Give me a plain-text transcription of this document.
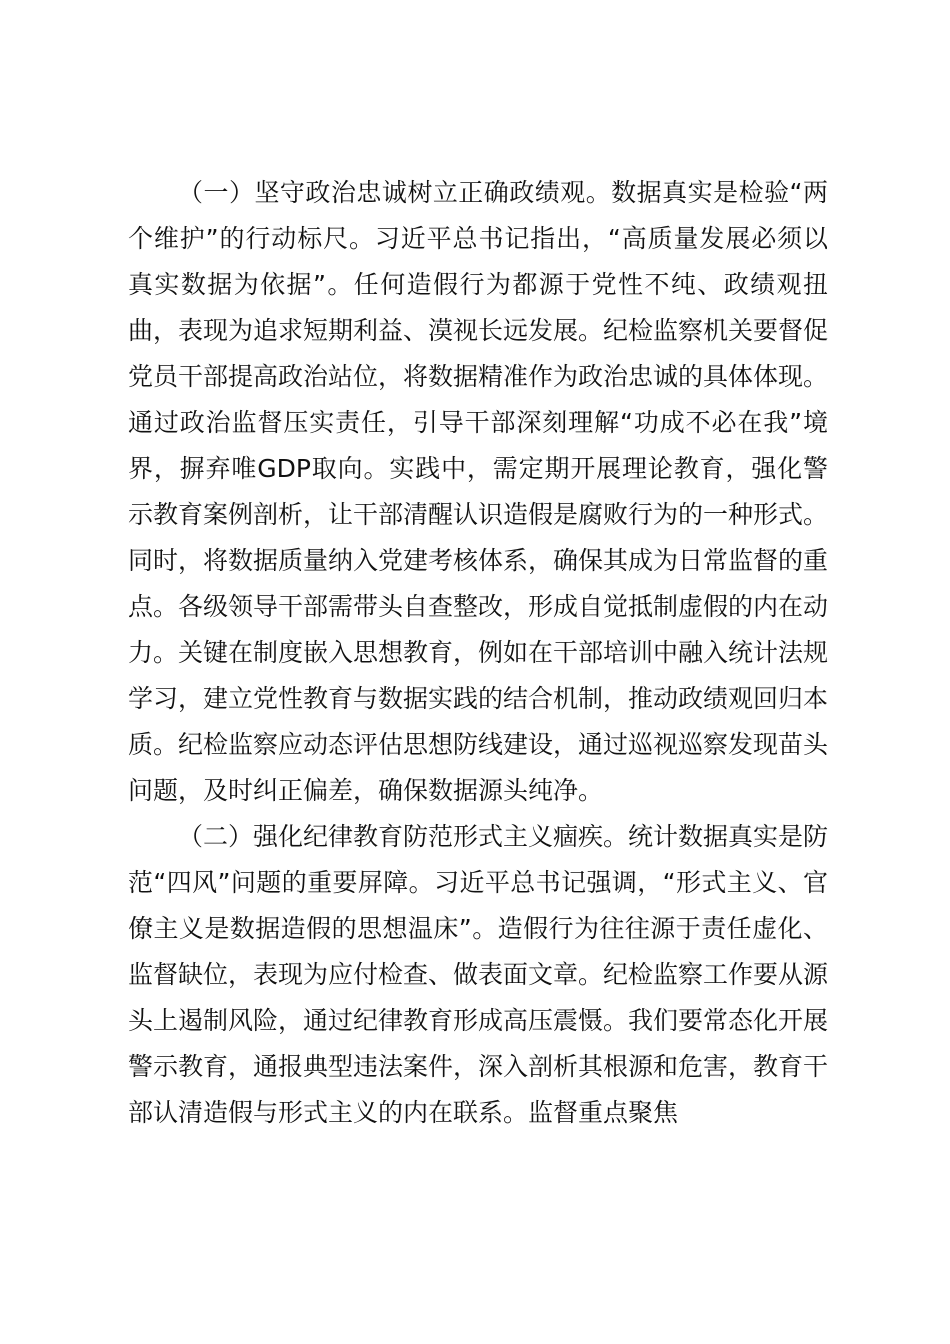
（一）坚守政治忠诚树立正确政绩观。数据真实是检验“两个维护”的行动标尺。习近平总书记指出，“高质量发展必须以真实数据为依据”。任何造假行为都源于党性不纯、政绩观扭曲，表现为追求短期利益、漠视长远发展。纪检监察机关要督促党员干部提高政治站位，将数据精准作为政治忠诚的具体体现。通过政治监督压实责任，引导干部深刻理解“功成不必在我”境界，摒弃唯GDP取向。实践中，需定期开展理论教育，强化警示教育案例剖析，让干部清醒认识造假是腐败行为的一种形式。同时，将数据质量纳入党建考核体系，确保其成为日常监督的重点。各级领导干部需带头自查整改，形成自觉抵制虚假的内在动力。关键在制度嵌入思想教育，例如在干部培训中融入统计法规学习，建立党性教育与数据实践的结合机制，推动政绩观回归本质。纪检监察应动态评估思想防线建设，通过巡视巡察发现苗头问题，及时纠正偏差，确保数据源头纯净。

（二）强化纪律教育防范形式主义痼疾。统计数据真实是防范“四风”问题的重要屏障。习近平总书记强调，“形式主义、官僚主义是数据造假的思想温床”。造假行为往往源于责任虚化、监督缺位，表现为应付检查、做表面文章。纪检监察工作要从源头上遏制风险，通过纪律教育形成高压震慑。我们要常态化开展警示教育，通报典型违法案件，深入剖析其根源和危害，教育干部认清造假与形式主义的内在联系。监督重点聚焦
